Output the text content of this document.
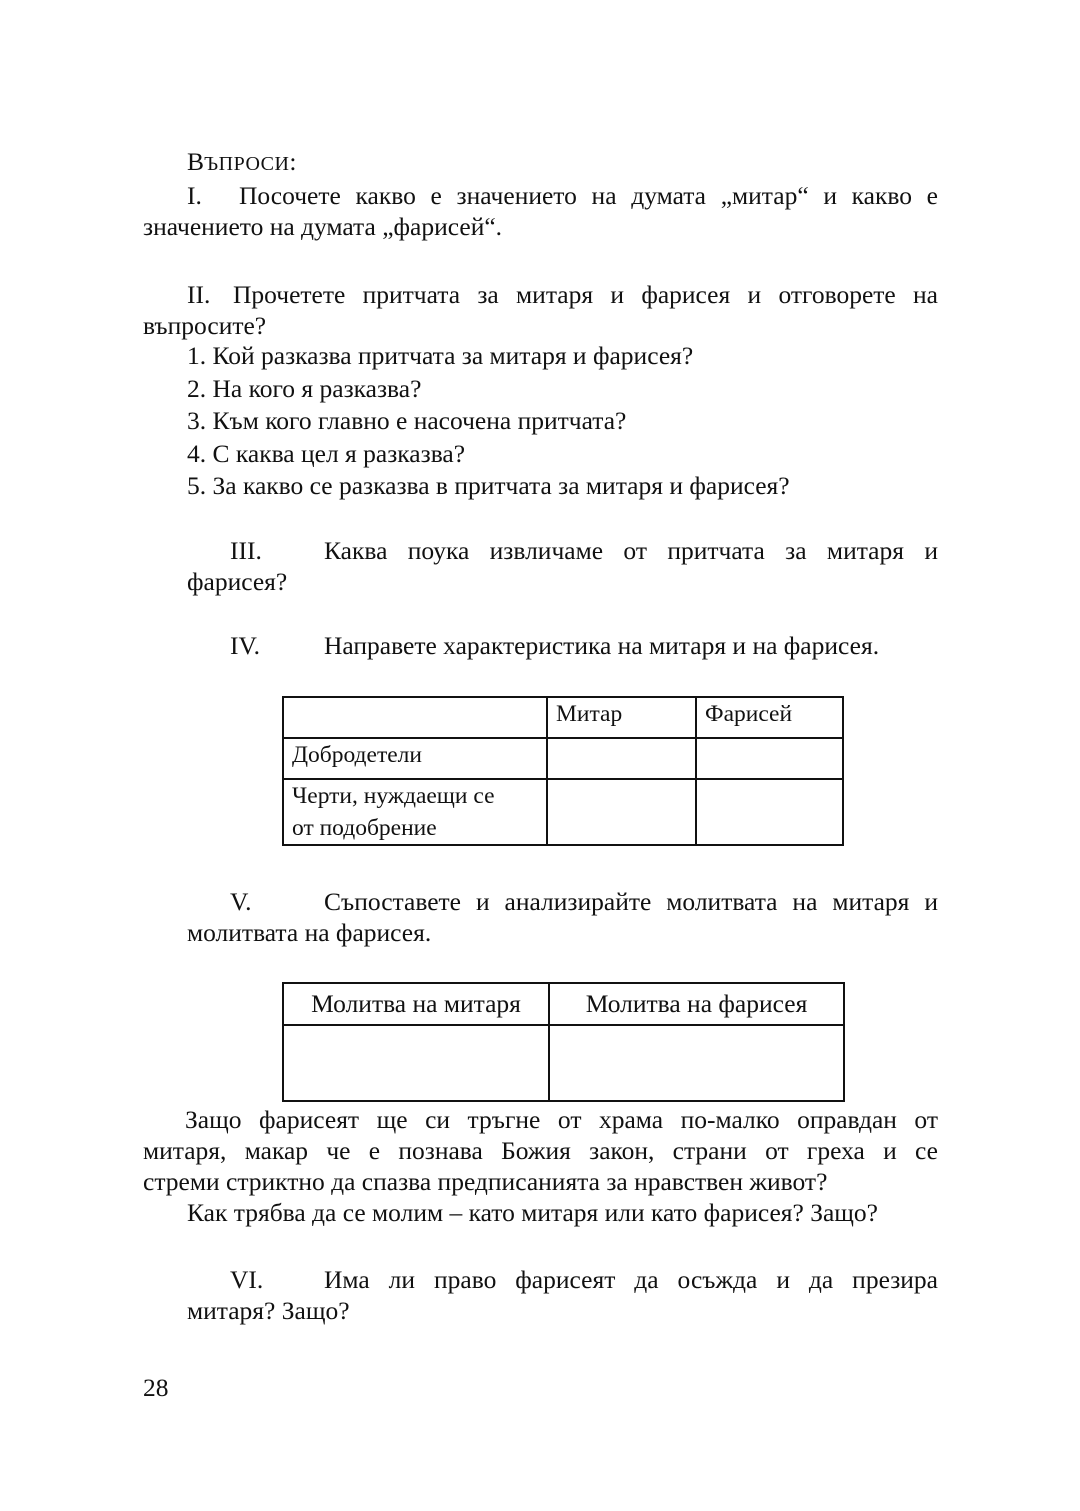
ВЪПРОСИ:
I. Посочете какво е значението на думата „митар“ и какво е
значението на думата „фарисей“.
II. Прочетете притчата за митаря и фарисея и отговорете на
въпросите?
1. Кой разказва притчата за митаря и фарисея?
2. На кого я разказва?
3. Към кого главно е насочена притчата?
4. С каква цел я разказва?
5. За какво се разказва в притчата за митаря и фарисея?
III.	Каква поука извличаме от притчата за митаря и
фарисея?
IV.	Направете характеристика на митаря и на фарисея.
	Митар	Фарисей
Добродетели		
Черти, нуждаещи се
от подобрение		
V.	Съпоставете и анализирайте молитвата на митаря и
молитвата на фарисея.
Молитва на митаря	Молитва на фарисея

Защо фарисеят ще си тръгне от храма по-малко оправдан от
митаря, макар че е познава Божия закон, страни от греха и се
стреми стриктно да спазва предписанията за нравствен живот?
Как трябва да се молим – като митаря или като фарисея? Защо?
VI.	Има ли право фарисеят да осъжда и да презира
митаря? Защо?
28
